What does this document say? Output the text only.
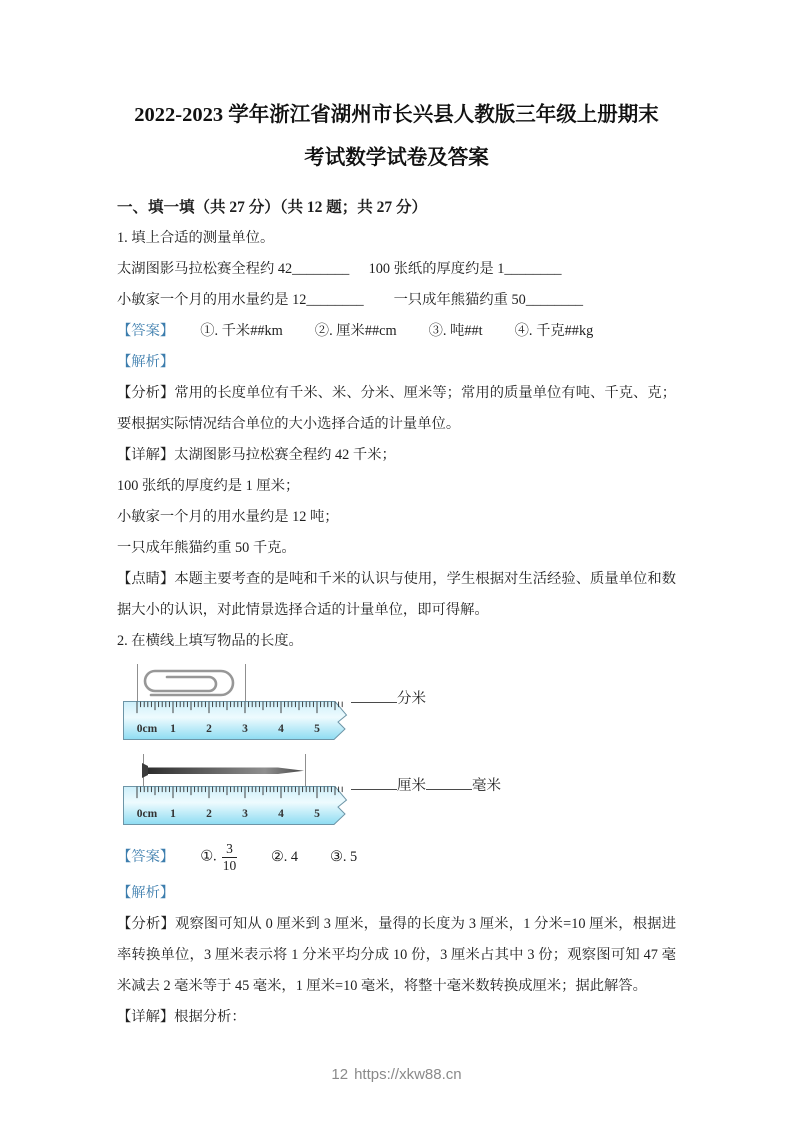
2022-2023 学年浙江省湖州市长兴县人教版三年级上册期末
考试数学试卷及答案
一、填一填（共 27 分）（共 12 题；共 27 分）

1. 填上合适的测量单位。

太湖图影马拉松赛全程约 42________ 100 张纸的厚度约是 1________

小敏家一个月的用水量约是 12________ 一只成年熊猫约重 50________

【答案】 ①. 千米##km ②. 厘米##cm ③. 吨##t ④. 千克##kg

【解析】

【分析】常用的长度单位有千米、米、分米、厘米等；常用的质量单位有吨、千克、克；要根据实际情况结合单位的大小选择合适的计量单位。

【详解】太湖图影马拉松赛全程约 42 千米；

100 张纸的厚度约是 1 厘米；

小敏家一个月的用水量约是 12 吨；

一只成年熊猫约重 50 千克。

【点睛】本题主要考查的是吨和千米的认识与使用，学生根据对生活经验、质量单位和数据大小的认识，对此情景选择合适的计量单位，即可得解。

2. 在横线上填写物品的长度。

0cm 1	2	3	4	5
分米
0cm 1	2	3	4	5
厘米	毫米
【答案】 ①. $\frac{3}{10}$ ②. 4 ③. 5

【解析】

【分析】观察图可知从 0 厘米到 3 厘米，量得的长度为 3 厘米，1 分米=10 厘米，根据进率转换单位，3 厘米表示将 1 分米平均分成 10 份，3 厘米占其中 3 份；观察图可知 47 毫米减去 2 毫米等于 45 毫米，1 厘米=10 毫米，将整十毫米数转换成厘米；据此解答。

【详解】根据分析：

12 https://xkw88.cn
